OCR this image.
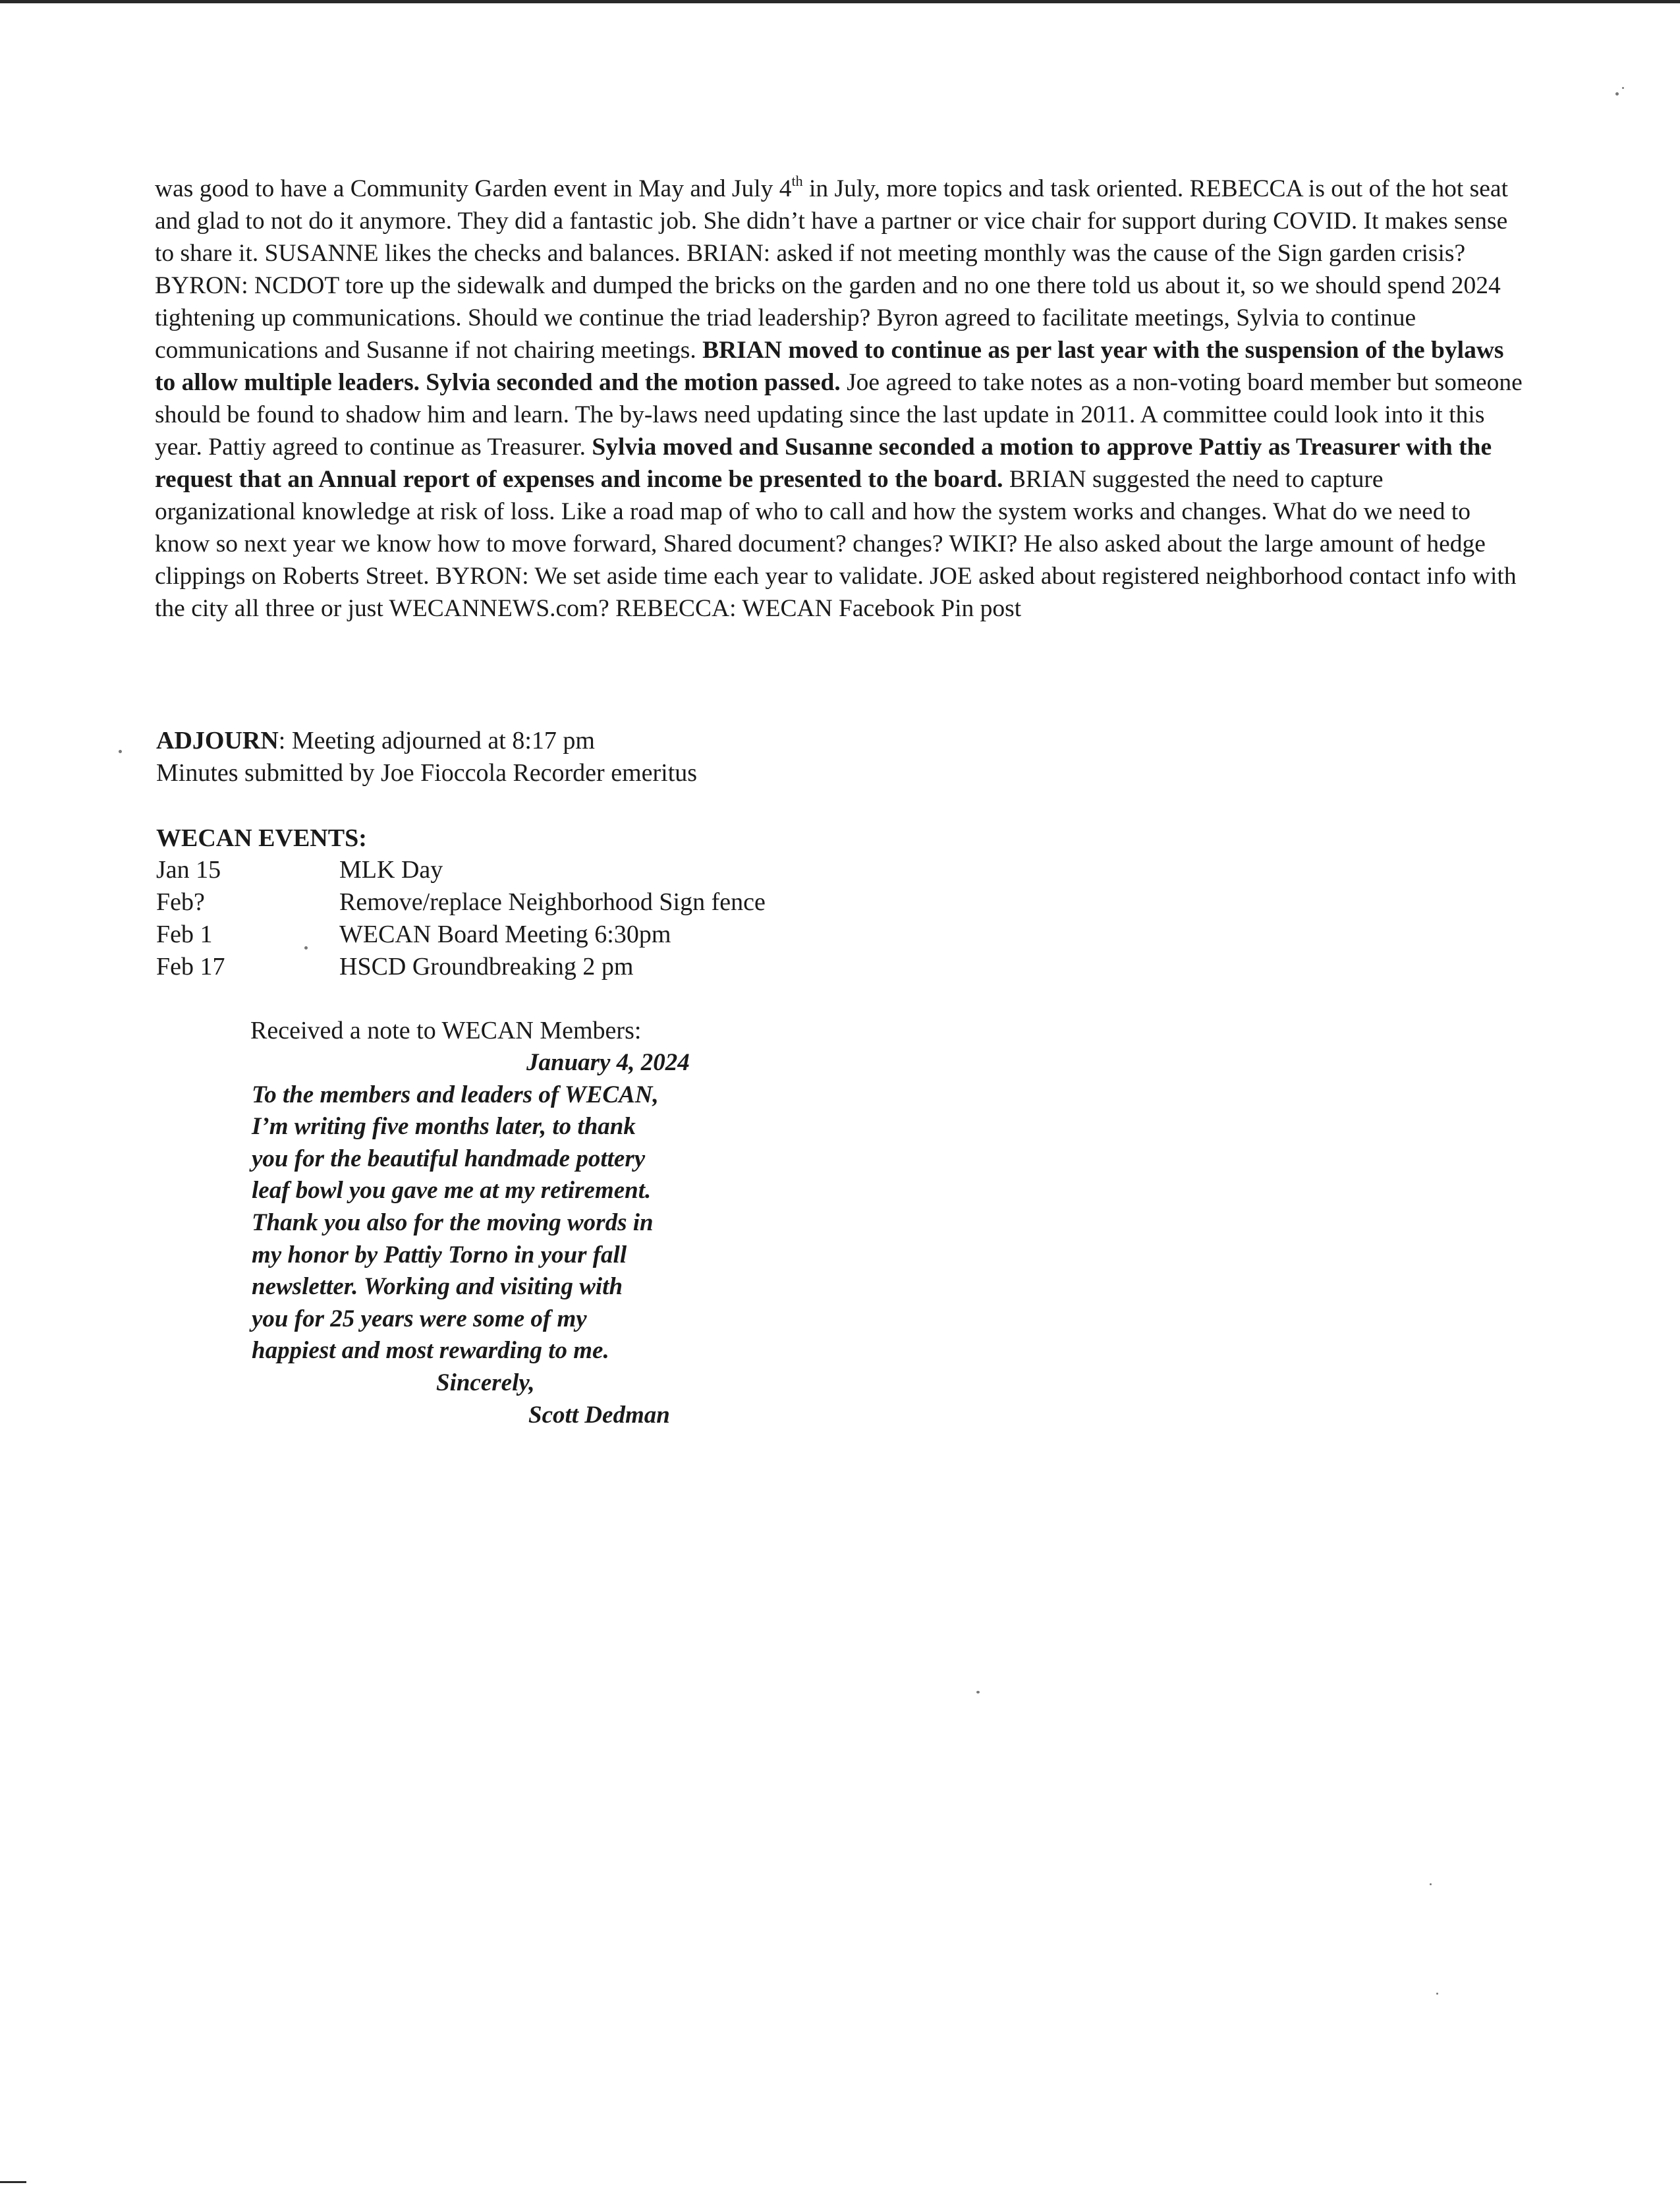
was good to have a Community Garden event in May and July 4th in July, more topics and task oriented. REBECCA is out of the hot seat and glad to not do it anymore. They did a fantastic job. She didn’t have a partner or vice chair for support during COVID. It makes sense to share it. SUSANNE likes the checks and balances. BRIAN: asked if not meeting monthly was the cause of the Sign garden crisis? BYRON: NCDOT tore up the sidewalk and dumped the bricks on the garden and no one there told us about it, so we should spend 2024 tightening up communications. Should we continue the triad leadership? Byron agreed to facilitate meetings, Sylvia to continue communications and Susanne if not chairing meetings. BRIAN moved to continue as per last year with the suspension of the bylaws to allow multiple leaders. Sylvia seconded and the motion passed. Joe agreed to take notes as a non-voting board member but someone should be found to shadow him and learn. The by-laws need updating since the last update in 2011. A committee could look into it this year. Pattiy agreed to continue as Treasurer. Sylvia moved and Susanne seconded a motion to approve Pattiy as Treasurer with the request that an Annual report of expenses and income be presented to the board. BRIAN suggested the need to capture organizational knowledge at risk of loss. Like a road map of who to call and how the system works and changes. What do we need to know so next year we know how to move forward, Shared document? changes? WIKI? He also asked about the large amount of hedge clippings on Roberts Street. BYRON: We set aside time each year to validate. JOE asked about registered neighborhood contact info with the city all three or just WECANNEWS.com? REBECCA: WECAN Facebook Pin post

ADJOURN: Meeting adjourned at 8:17 pm
Minutes submitted by Joe Fioccola Recorder emeritus
WECAN EVENTS:
Jan 15	MLK Day
Feb?	Remove/replace Neighborhood Sign fence
Feb 1	WECAN Board Meeting 6:30pm
Feb 17	HSCD Groundbreaking 2 pm
Received a note to WECAN Members:
January 4, 2024
To the members and leaders of WECAN,
I’m writing five months later, to thank
you for the beautiful handmade pottery
leaf bowl you gave me at my retirement.
Thank you also for the moving words in
my honor by Pattiy Torno in your fall
newsletter. Working and visiting with
you for 25 years were some of my
happiest and most rewarding to me.
Sincerely,
Scott Dedman
